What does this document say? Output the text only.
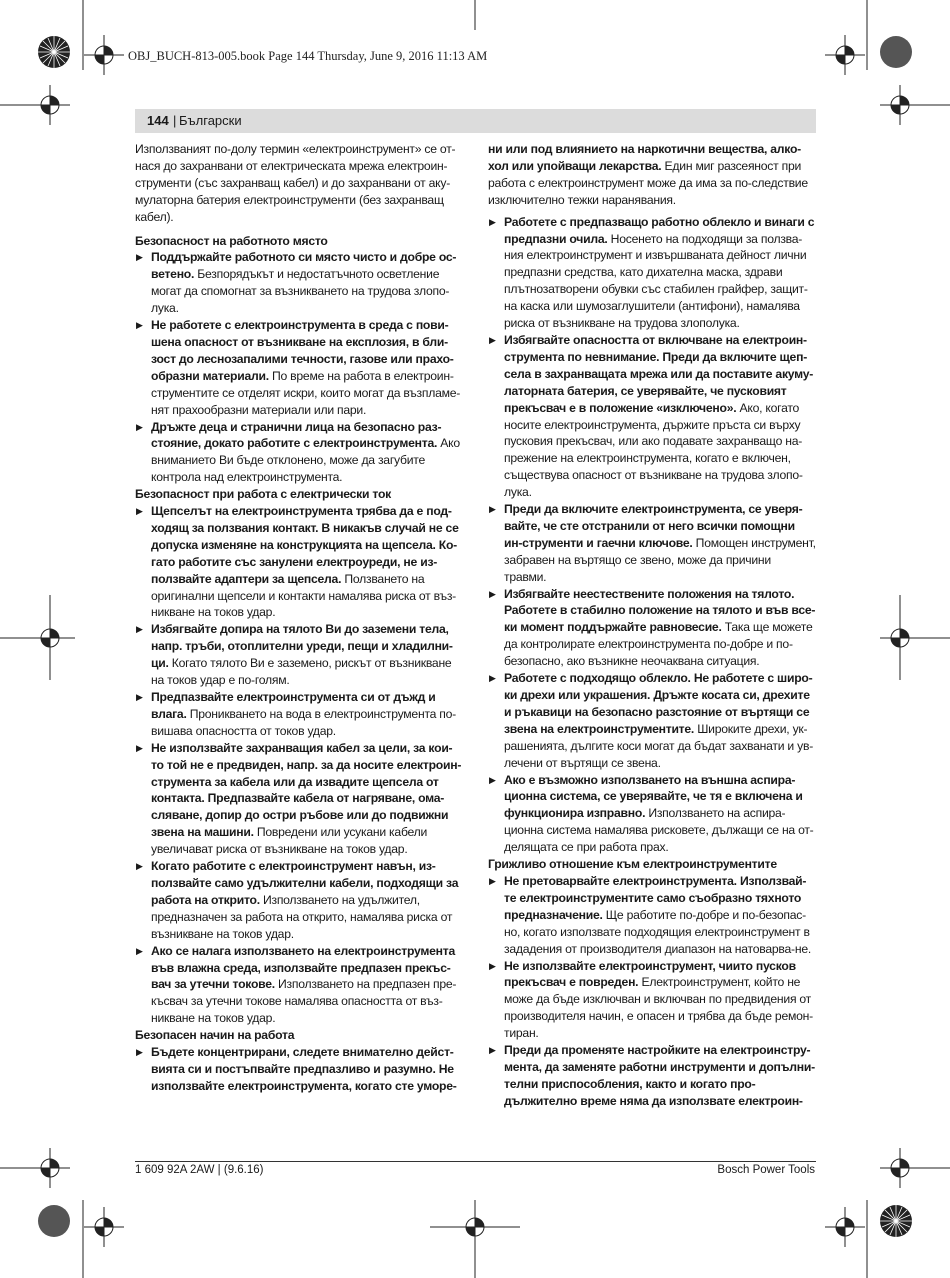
OBJ_BUCH-813-005.book Page 144 Thursday, June 9, 2016 11:13 AM
144 | Български

Използваният по-долу термин «електроинструмент» се от-нася до захранвани от електрическата мрежа електроин-струменти (със захранващ кабел) и до захранвани от аку-мулаторна батерия електроинструменти (без захранващ кабел).

Безопасност на работното място

▶ Поддържайте работното си място чисто и добре ос-ветено. Безпорядъкът и недостатъчното осветление могат да спомогнат за възникването на трудова злопо-лука.

▶ Не работете с електроинструмента в среда с пови-шена опасност от възникване на експлозия, в бли-зост до леснозапалими течности, газове или прахо-образни материали. По време на работа в електроин-струментите се отделят искри, които могат да възпламе-нят прахообразни материали или пари.

▶ Дръжте деца и странични лица на безопасно раз-стояние, докато работите с електроинструмента. Ако вниманието Ви бъде отклонено, може да загубите контрола над електроинструмента.

Безопасност при работа с електрически ток

▶ Щепселът на електроинструмента трябва да е под-ходящ за ползвания контакт. В никакъв случай не се допуска изменяне на конструкцията на щепсела. Ко-гато работите със занулени електроуреди, не из-ползвайте адаптери за щепсела. Ползването на оригинални щепсели и контакти намалява риска от въз-никване на токов удар.

▶ Избягвайте допира на тялото Ви до заземени тела, напр. тръби, отоплителни уреди, пещи и хладилни-ци. Когато тялото Ви е заземено, рискът от възникване на токов удар е по-голям.

▶ Предпазвайте електроинструмента си от дъжд и влага. Проникването на вода в електроинструмента по-вишава опасността от токов удар.

▶ Не използвайте захранващия кабел за цели, за кои-то той не е предвиден, напр. за да носите електроин-струмента за кабела или да извадите щепсела от контакта. Предпазвайте кабела от нагряване, ома-сляване, допир до остри ръбове или до подвижни звена на машини. Повредени или усукани кабели увеличават риска от възникване на токов удар.

▶ Когато работите с електроинструмент навън, из-ползвайте само удължителни кабели, подходящи за работа на открито. Използването на удължител, предназначен за работа на открито, намалява риска от възникване на токов удар.

▶ Ако се налага използването на електроинструмента във влажна среда, използвайте предпазен прекъс-вач за утечни токове. Използването на предпазен пре-късвач за утечни токове намалява опасността от въз-никване на токов удар.

Безопасен начин на работа

▶ Бъдете концентрирани, следете внимателно дейст-вията си и постъпвайте предпазливо и разумно. Не използвайте електроинструмента, когато сте уморе-

ни или под влиянието на наркотични вещества, алко-хол или упойващи лекарства. Един миг разсеяност при работа с електроинструмент може да има за по-следствие изключително тежки наранявания.

▶ Работете с предпазващо работно облекло и винаги с предпазни очила. Носенето на подходящи за ползва-ния електроинструмент и извършваната дейност лични предпазни средства, като дихателна маска, здрави плътнозатворени обувки със стабилен грайфер, защит-на каска или шумозаглушители (антифони), намалява риска от възникване на трудова злополука.

▶ Избягвайте опасността от включване на електроин-струмента по невнимание. Преди да включите щеп-села в захранващата мрежа или да поставите акуму-латорната батерия, се уверявайте, че пусковият прекъсвач е в положение «изключено». Ако, когато носите електроинструмента, държите пръста си върху пусковия прекъсвач, или ако подавате захранващо на-прежение на електроинструмента, когато е включен, съществува опасност от възникване на трудова злопо-лука.

▶ Преди да включите електроинструмента, се уверя-вайте, че сте отстранили от него всички помощни ин-струменти и гаечни ключове. Помощен инструмент, забравен на въртящо се звено, може да причини травми.

▶ Избягвайте неестествените положения на тялото. Работете в стабилно положение на тялото и във все-ки момент поддържайте равновесие. Така ще можете да контролирате електроинструмента по-добре и по-безопасно, ако възникне неочаквана ситуация.

▶ Работете с подходящо облекло. Не работете с широ-ки дрехи или украшения. Дръжте косата си, дрехите и ръкавици на безопасно разстояние от въртящи се звена на електроинструментите. Широките дрехи, ук-рашенията, дългите коси могат да бъдат захванати и ув-лечени от въртящи се звена.

▶ Ако е възможно използването на външна аспира-ционна система, се уверявайте, че тя е включена и функционира изправно. Използването на аспира-ционна система намалява рисковете, дължащи се на от-делящата се при работа прах.

Грижливо отношение към електроинструментите

▶ Не претоварвайте електроинструмента. Използвай-те електроинструментите само съобразно тяхното предназначение. Ще работите по-добре и по-безопас-но, когато използвате подходящия електроинструмент в зададения от производителя диапазон на натоварва-не.

▶ Не използвайте електроинструмент, чиито пусков прекъсвач е повреден. Електроинструмент, който не може да бъде изключван и включван по предвидения от производителя начин, е опасен и трябва да бъде ремон-тиран.

▶ Преди да променяте настройките на електроинстру-мента, да заменяте работни инструменти и допълни-телни приспособления, както и когато про-дължително време няма да използвате електроин-

1 609 92A 2AW | (9.6.16)	Bosch Power Tools
